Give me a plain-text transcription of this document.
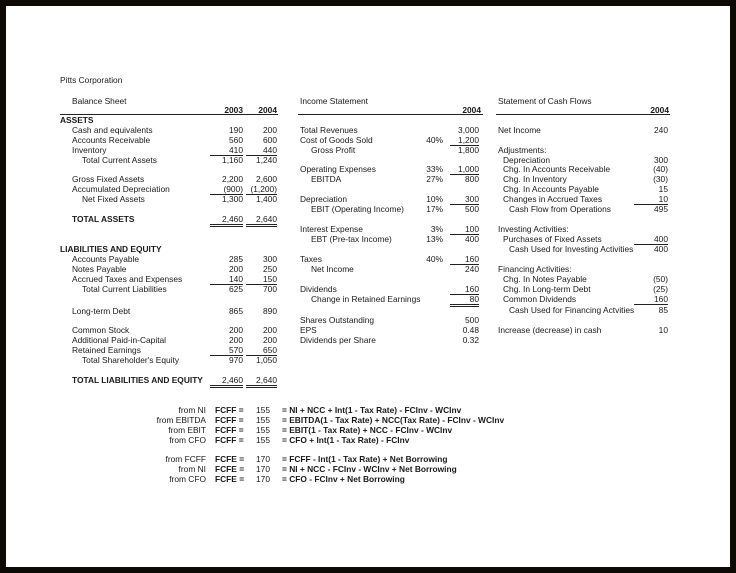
Pitts Corporation
Balance Sheet
2003	2004
ASSETS
Cash and equivalents	190	200
Accounts Receivable	560	600
Inventory	410	440
Total Current Assets	1,160	1,240
Gross Fixed Assets	2,200	2,600
Accumulated Depreciation	(900) (1,200)
Net Fixed Assets	1,300	1,400
TOTAL ASSETS	2,460	2,640
LIABILITIES AND EQUITY
Accounts Payable	285	300
Notes Payable	200	250
Accrued Taxes and Expenses	140	150
Total Current Liabilities	625	700
Long-term Debt	865	890
Common Stock	200	200
Additional Paid-in-Capital	200	200
Retained Earnings	570	650
Total Shareholder's Equity	970	1,050
TOTAL LIABILITIES AND EQUITY	2,460	2,640
Income Statement
2004
Total Revenues	3,000
Cost of Goods Sold	40%	1,200
Gross Profit	1,800
Operating Expenses	33%	1,000
EBITDA	27%	800
Depreciation	10%	300
EBIT (Operating Income)	17%	500
Interest Expense	3%	100
EBT (Pre-tax Income)	13%	400
Taxes	40%	160
Net Income	240
Dividends	160
Change in Retained Earnings	80
Shares Outstanding	500
EPS	0.48
Dividends per Share	0.32
Statement of Cash Flows
2004
Net Income	240
Adjustments:
Depreciation	300
Chg. In Accounts Receivable	(40)
Chg. In Inventory	(30)
Chg. In Accounts Payable	15
Changes in Accrued Taxes	10
Cash Flow from Operations	495
Investing Activities:
Purchases of Fixed Assets	400
Cash Used for Investing Activities	400
Financing Activities:
Chg. In Notes Payable	(50)
Chg. In Long-term Debt	(25)
Common Dividends	160
Cash Used for Financing Actvities	85
Increase (decrease) in cash	10
from NI FCFF =	155 = NI + NCC + Int(1 - Tax Rate) - FCInv - WCInv
from EBITDA FCFF =	155 = EBITDA(1 - Tax Rate) + NCC(Tax Rate) - FCInv - WCInv
from EBIT FCFF =	155 = EBIT(1 - Tax Rate) + NCC - FCInv - WCInv
from CFO FCFF =	155 = CFO + Int(1 - Tax Rate) - FCInv
from FCFF FCFE =	170 = FCFF - Int(1 - Tax Rate) + Net Borrowing
from NI FCFE =	170 = NI + NCC - FCInv - WCInv + Net Borrowing
from CFO FCFE =	170 = CFO - FCInv + Net Borrowing
